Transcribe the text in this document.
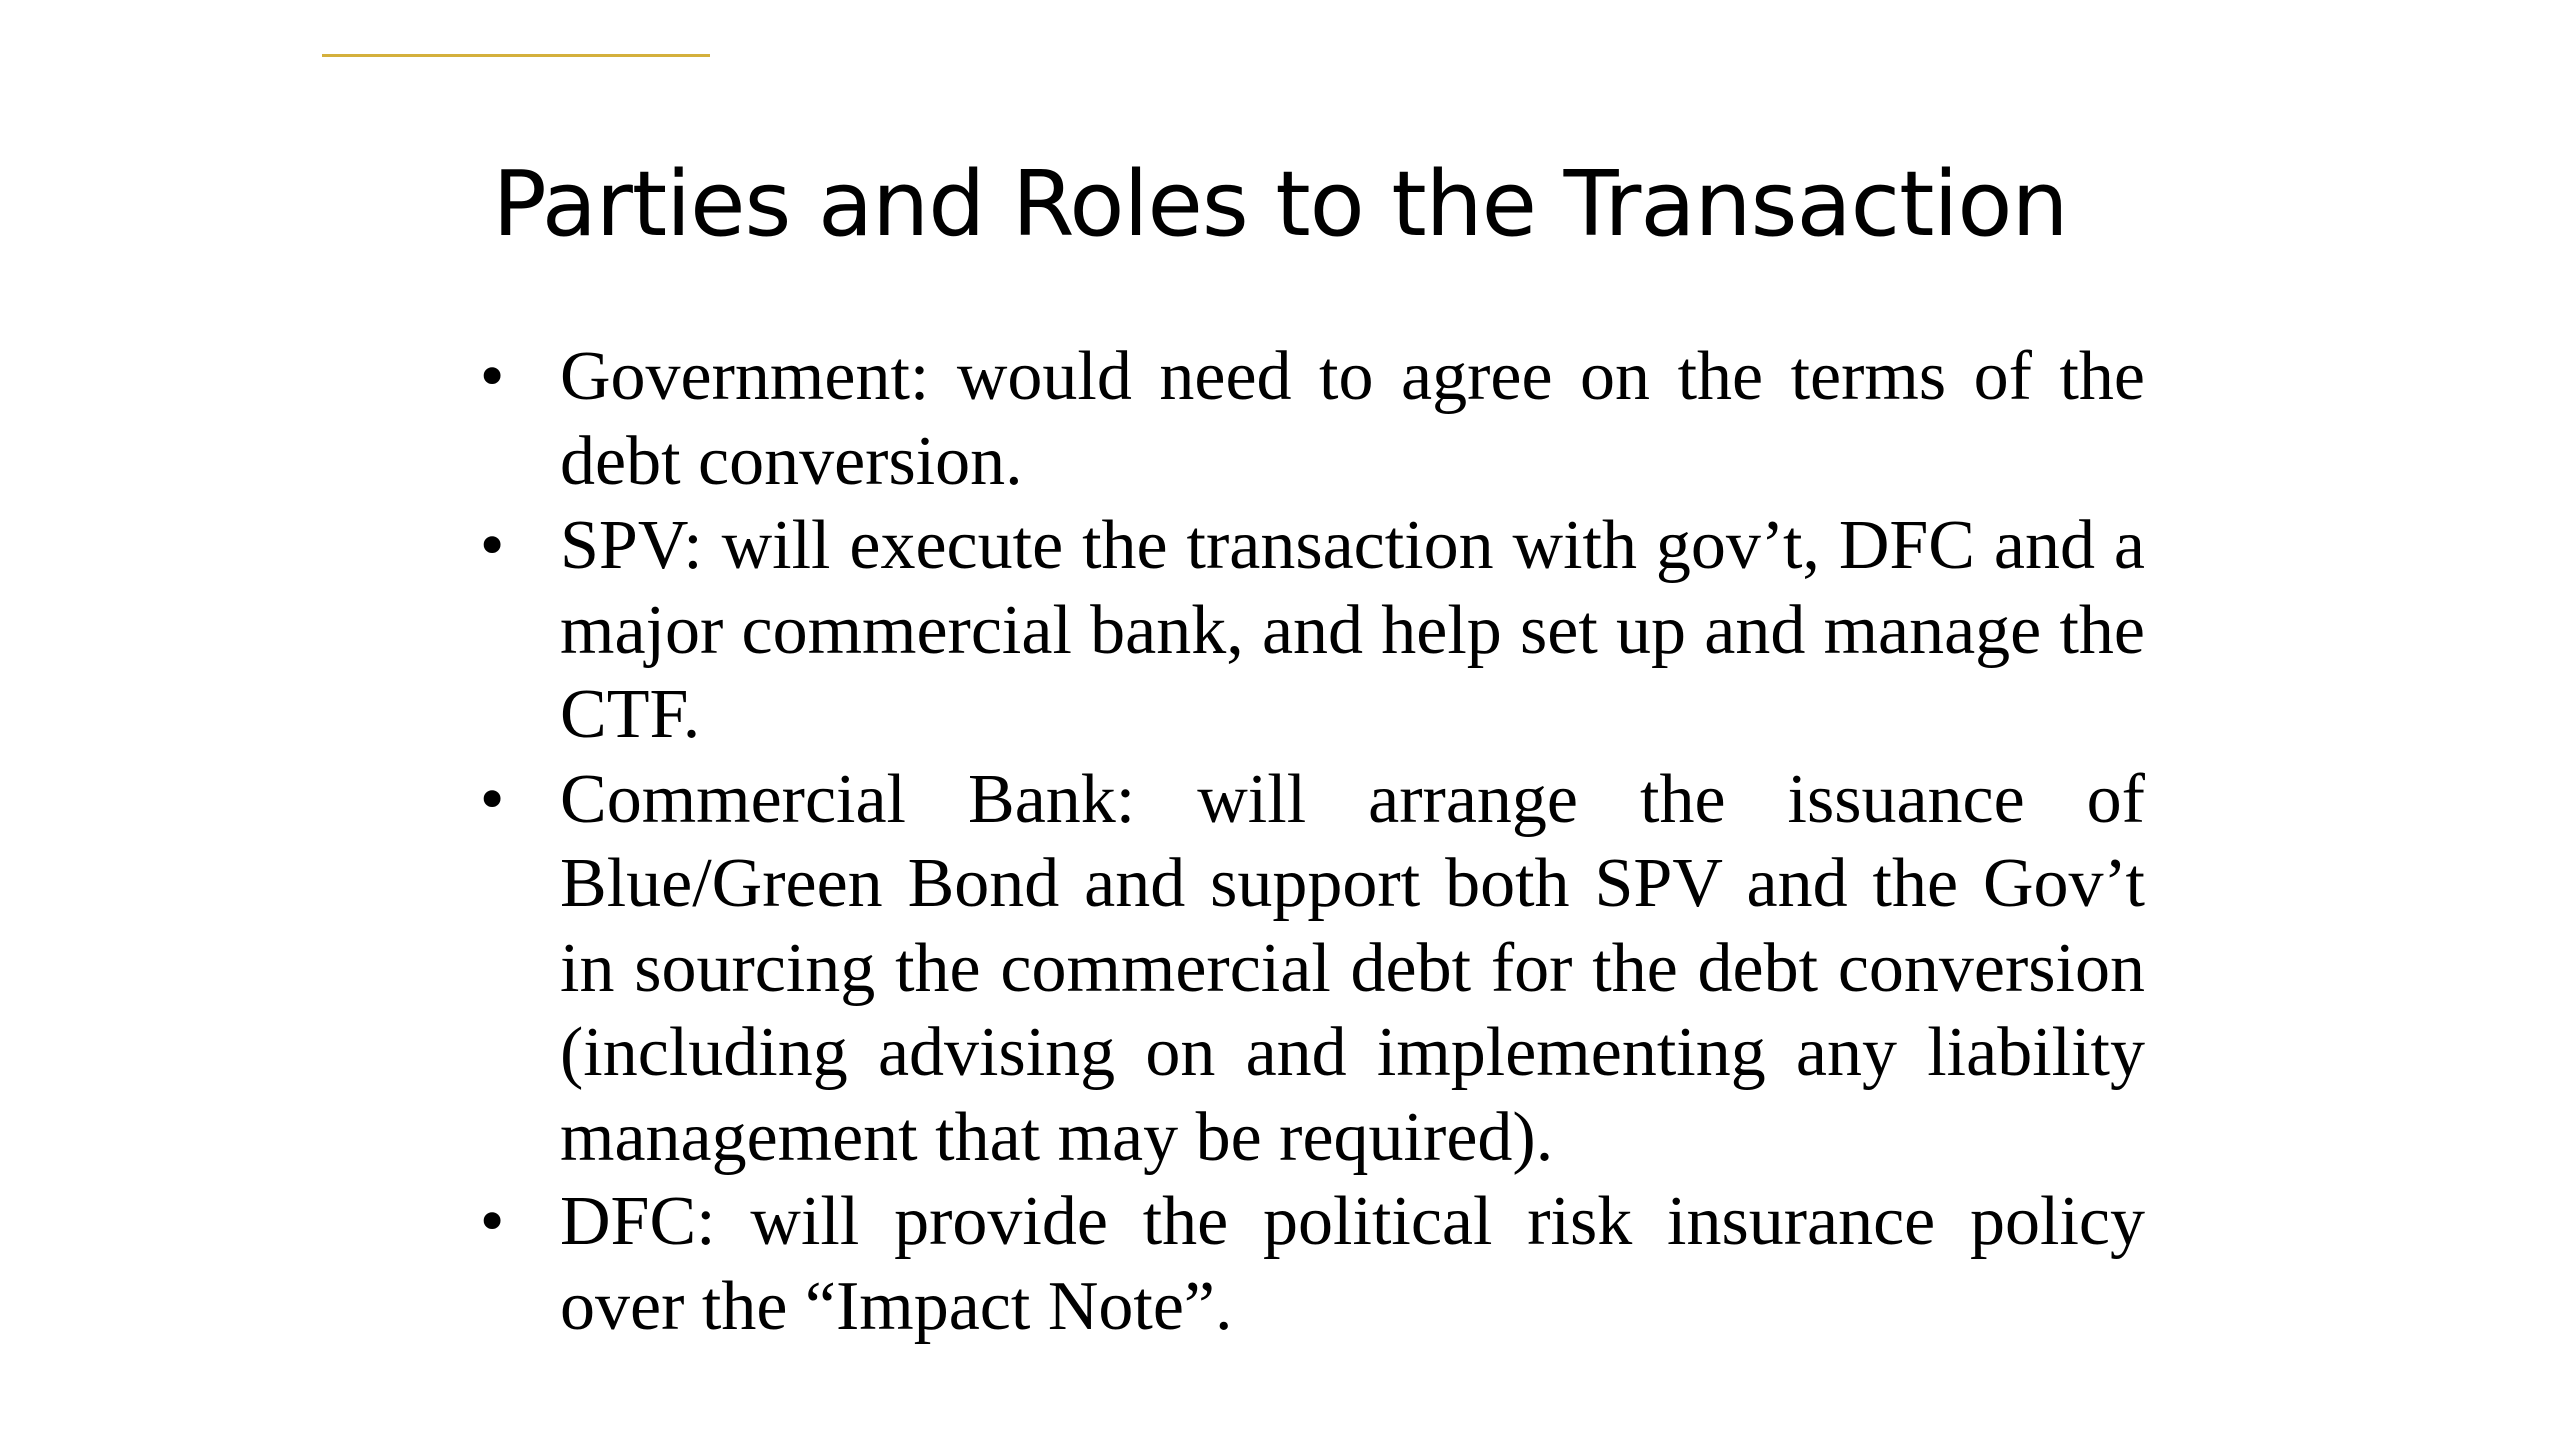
Parties and Roles to the Transaction
• Government: would need to agree on the terms of the debt conversion.
• SPV: will execute the transaction with gov’t, DFC and a major commercial bank, and help set up and manage the CTF.
• Commercial Bank: will arrange the issuance of Blue/Green Bond and support both SPV and the Gov’t in sourcing the commercial debt for the debt conversion (including advising on and implementing any liability management that may be required).
• DFC: will provide the political risk insurance policy over the “Impact Note”.
